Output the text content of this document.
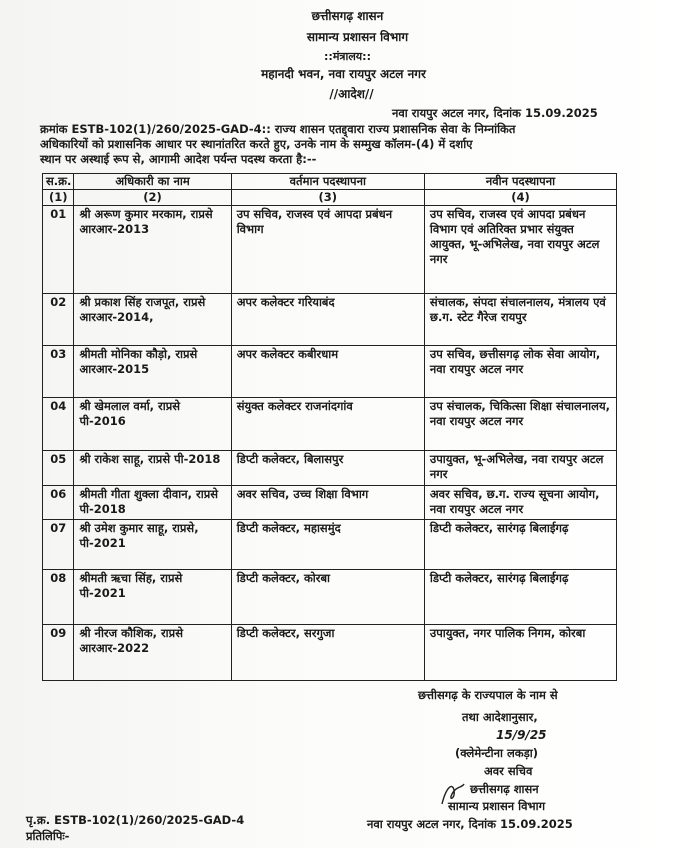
छत्तीसगढ़ शासन
सामान्य प्रशासन विभाग
::मंत्रालय::
महानदी भवन, नवा रायपुर अटल नगर
//आदेश//
नवा रायपुर अटल नगर, दिनांक 15.09.2025
क्रमांक ESTB-102(1)/260/2025-GAD-4:: राज्य शासन एतद्द्वारा राज्य प्रशासनिक सेवा के निम्नांकित
अधिकारियों को प्रशासनिक आधार पर स्थानांतरित करते हुए, उनके नाम के सम्मुख कॉलम-(4) में दर्शाए
स्थान पर अस्थाई रूप से, आगामी आदेश पर्यन्त पदस्थ करता है:--
स.क्र.	अधिकारी का नाम	वर्तमान पदस्थापना	नवीन पदस्थापना
(1)	(2)	(3)	(4)
01	श्री अरूण कुमार मरकाम, राप्रसे आरआर-2013	उप सचिव, राजस्व एवं आपदा प्रबंधन विभाग	उप सचिव, राजस्व एवं आपदा प्रबंधन विभाग एवं अतिरिक्त प्रभार संयुक्त आयुक्त, भू-अभिलेख, नवा रायपुर अटल नगर
02	श्री प्रकाश सिंह राजपूत, राप्रसे आरआर-2014,	अपर कलेक्टर गरियाबंद	संचालक, संपदा संचालनालय, मंत्रालय एवं छ.ग. स्टेट गैरेज रायपुर
03	श्रीमती मोनिका कौड़ो, राप्रसे आरआर-2015	अपर कलेक्टर कबीरधाम	उप सचिव, छत्तीसगढ़ लोक सेवा आयोग, नवा रायपुर अटल नगर
04	श्री खेमलाल वर्मा, राप्रसे पी-2016	संयुक्त कलेक्टर राजनांदगांव	उप संचालक, चिकित्सा शिक्षा संचालनालय, नवा रायपुर अटल नगर
05	श्री राकेश साहू, राप्रसे पी-2018	डिप्टी कलेक्टर, बिलासपुर	उपायुक्त, भू-अभिलेख, नवा रायपुर अटल नगर
06	श्रीमती गीता शुक्ला दीवान, राप्रसे पी-2018	अवर सचिव, उच्च शिक्षा विभाग	अवर सचिव, छ.ग. राज्य सूचना आयोग, नवा रायपुर अटल नगर
07	श्री उमेश कुमार साहू, राप्रसे, पी-2021	डिप्टी कलेक्टर, महासमुंद	डिप्टी कलेक्टर, सारंगढ़ बिलाईगढ़
08	श्रीमती ऋचा सिंह, राप्रसे पी-2021	डिप्टी कलेक्टर, कोरबा	डिप्टी कलेक्टर, सारंगढ़ बिलाईगढ़
09	श्री नीरज कौशिक, राप्रसे आरआर-2022	डिप्टी कलेक्टर, सरगुजा	उपायुक्त, नगर पालिक निगम, कोरबा
छत्तीसगढ़ के राज्यपाल के नाम से
तथा आदेशानुसार,
15/9/25
(क्लेमेन्टीना लकड़ा)
अवर सचिव
छत्तीसगढ़ शासन
सामान्य प्रशासन विभाग
नवा रायपुर अटल नगर, दिनांक 15.09.2025
पृ.क्र. ESTB-102(1)/260/2025-GAD-4
प्रतिलिपिः-
